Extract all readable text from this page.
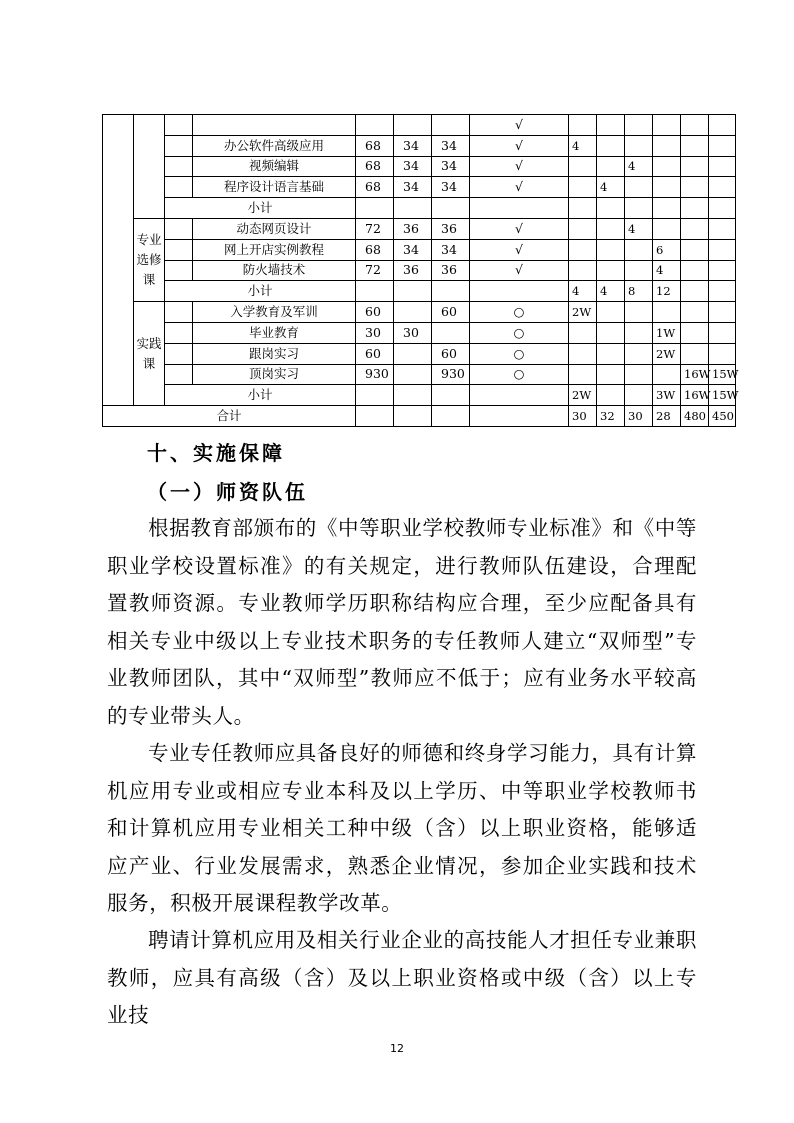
							√						
			办公软件高级应用	68	34	34	√	4					
			视频编辑	68	34	34	√			4			
			程序设计语言基础	68	34	34	√		4				
		小计											
	专业选修课		动态网页设计	72	36	36	√			4			
			网上开店实例教程	68	34	34	√				6		
			防火墙技术	72	36	36	√				4		
		小计						4	4	8	12		
	实践课		入学教育及军训	60		60	○	2W					
			毕业教育	30	30		○				1W		
			跟岗实习	60		60	○				2W		
			顶岗实习	930		930	○					16W	15W
		小计						2W			3W	16W	15W
合计								30	32	30	28	480	450
十、实施保障
（一）师资队伍

根据教育部颁布的《中等职业学校教师专业标准》和《中等职业学校设置标准》的有关规定，进行教师队伍建设，合理配置教师资源。专业教师学历职称结构应合理，至少应配备具有相关专业中级以上专业技术职务的专任教师人建立“双师型”专业教师团队，其中“双师型”教师应不低于；应有业务水平较高的专业带头人。

专业专任教师应具备良好的师德和终身学习能力，具有计算机应用专业或相应专业本科及以上学历、中等职业学校教师书和计算机应用专业相关工种中级（含）以上职业资格，能够适应产业、行业发展需求，熟悉企业情况，参加企业实践和技术服务，积极开展课程教学改革。

聘请计算机应用及相关行业企业的高技能人才担任专业兼职教师，应具有高级（含）及以上职业资格或中级（含）以上专业技

12
